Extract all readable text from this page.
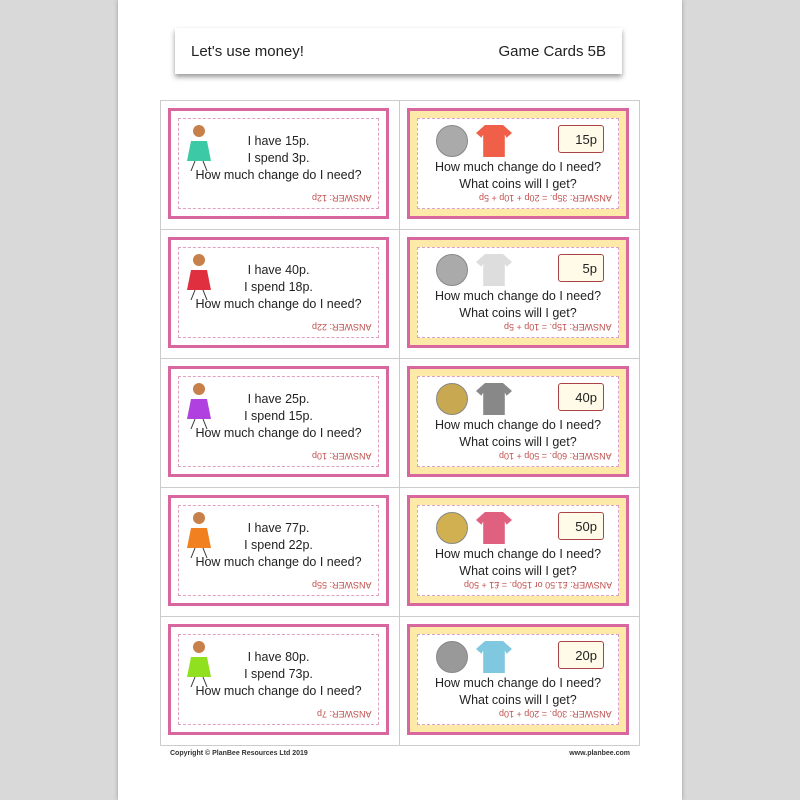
Let's use money!	Game Cards 5B
I have 15p.
I spend 3p.
How much change do I need?
ANSWER: 12p
15p
How much change do I need?
What coins will I get?
ANSWER: 35p. = 20p + 10p + 5p
I have 40p.
I spend 18p.
How much change do I need?
ANSWER: 22p
5p
How much change do I need?
What coins will I get?
ANSWER: 15p. = 10p + 5p
I have 25p.
I spend 15p.
How much change do I need?
ANSWER: 10p
40p
How much change do I need?
What coins will I get?
ANSWER: 60p. = 50p + 10p
I have 77p.
I spend 22p.
How much change do I need?
ANSWER: 55p
50p
How much change do I need?
What coins will I get?
ANSWER: £1.50 or 150p. = £1 + 50p
I have 80p.
I spend 73p.
How much change do I need?
ANSWER: 7p
20p
How much change do I need?
What coins will I get?
ANSWER: 30p. = 20p + 10p
Copyright © PlanBee Resources Ltd 2019	www.planbee.com
